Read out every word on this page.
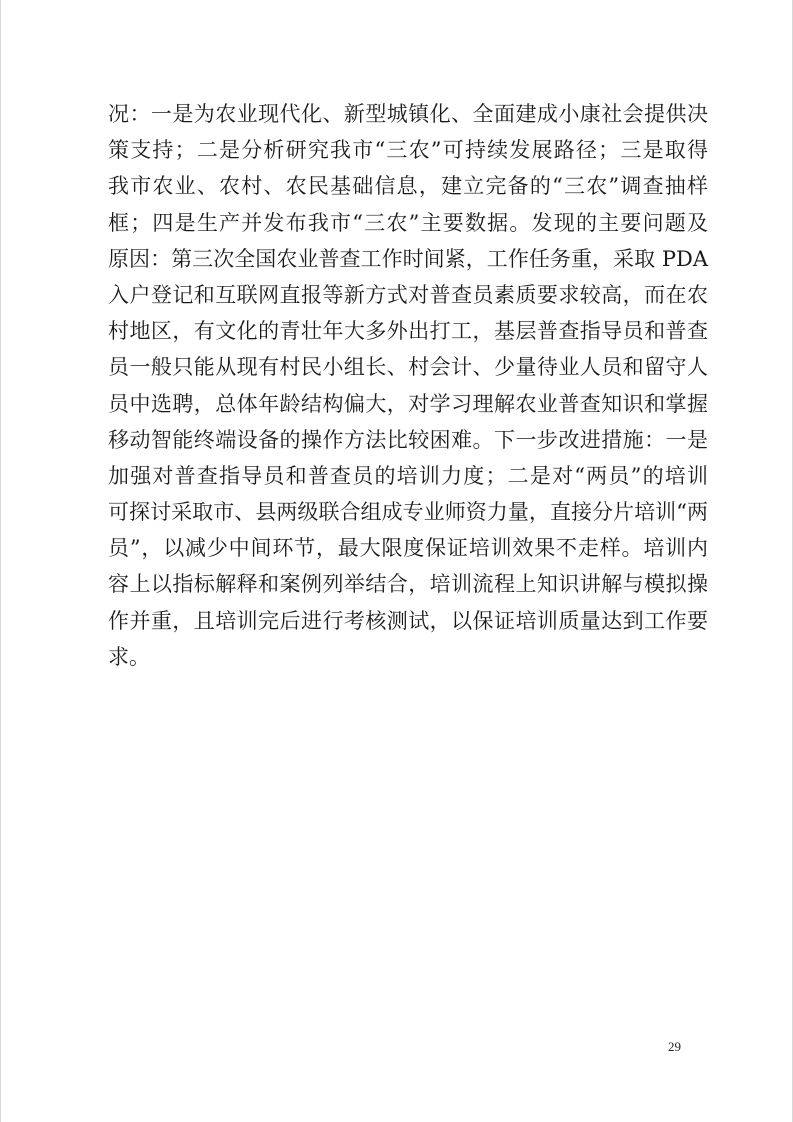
况：一是为农业现代化、新型城镇化、全面建成小康社会提供决
策支持；二是分析研究我市“三农”可持续发展路径；三是取得
我市农业、农村、农民基础信息，建立完备的“三农”调查抽样
框；四是生产并发布我市“三农”主要数据。发现的主要问题及
原因：第三次全国农业普查工作时间紧，工作任务重，采取 PDA
入户登记和互联网直报等新方式对普查员素质要求较高，而在农
村地区，有文化的青壮年大多外出打工，基层普查指导员和普查
员一般只能从现有村民小组长、村会计、少量待业人员和留守人
员中选聘，总体年龄结构偏大，对学习理解农业普查知识和掌握
移动智能终端设备的操作方法比较困难。下一步改进措施：一是
加强对普查指导员和普查员的培训力度；二是对“两员”的培训
可探讨采取市、县两级联合组成专业师资力量，直接分片培训“两
员”，以减少中间环节，最大限度保证培训效果不走样。培训内
容上以指标解释和案例列举结合，培训流程上知识讲解与模拟操
作并重，且培训完后进行考核测试，以保证培训质量达到工作要
求。
29
